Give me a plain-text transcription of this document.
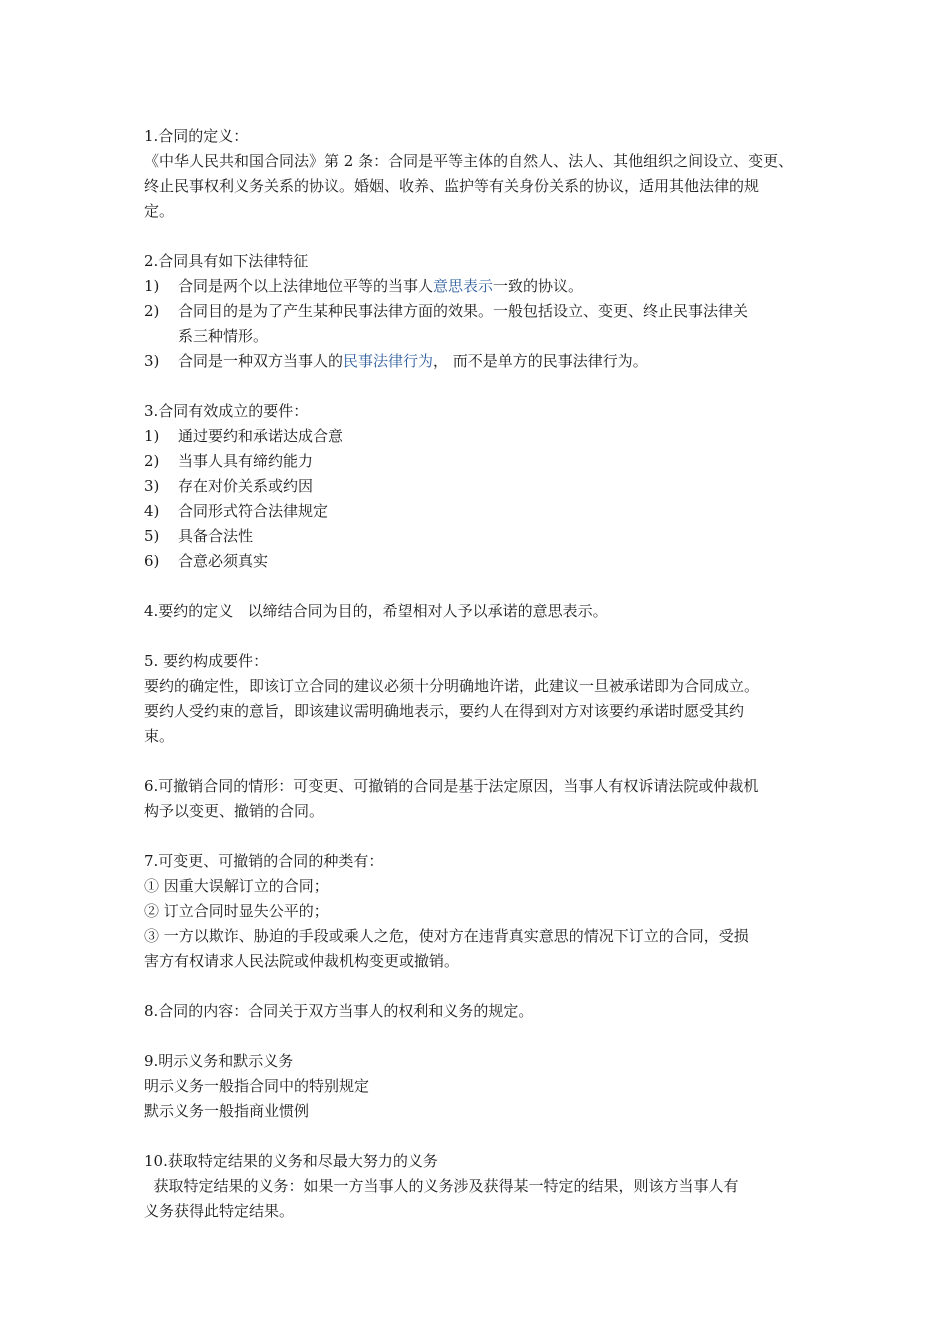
1.合同的定义：
《中华人民共和国合同法》第 2 条：合同是平等主体的自然人、法人、其他组织之间设立、变更、
终止民事权利义务关系的协议。婚姻、收养、监护等有关身份关系的协议，适用其他法律的规
定。
2.合同具有如下法律特征
1)	合同是两个以上法律地位平等的当事人意思表示一致的协议。
2)	合同目的是为了产生某种民事法律方面的效果。一般包括设立、变更、终止民事法律关
系三种情形。
3)	合同是一种双方当事人的民事法律行为， 而不是单方的民事法律行为。
3.合同有效成立的要件：
1)	通过要约和承诺达成合意
2)	当事人具有缔约能力
3)	存在对价关系或约因
4)	合同形式符合法律规定
5)	具备合法性
6)	合意必须真实
4.要约的定义   以缔结合同为目的，希望相对人予以承诺的意思表示。
5. 要约构成要件：
要约的确定性，即该订立合同的建议必须十分明确地许诺，此建议一旦被承诺即为合同成立。
要约人受约束的意旨，即该建议需明确地表示，要约人在得到对方对该要约承诺时愿受其约
束。
6.可撤销合同的情形：可变更、可撤销的合同是基于法定原因，当事人有权诉请法院或仲裁机
构予以变更、撤销的合同。
7.可变更、可撤销的合同的种类有：
① 因重大误解订立的合同；
② 订立合同时显失公平的；
③ 一方以欺诈、胁迫的手段或乘人之危，使对方在违背真实意思的情况下订立的合同，受损
害方有权请求人民法院或仲裁机构变更或撤销。
8.合同的内容：合同关于双方当事人的权利和义务的规定。
9.明示义务和默示义务
明示义务一般指合同中的特别规定
默示义务一般指商业惯例
10.获取特定结果的义务和尽最大努力的义务
获取特定结果的义务：如果一方当事人的义务涉及获得某一特定的结果，则该方当事人有
义务获得此特定结果。
